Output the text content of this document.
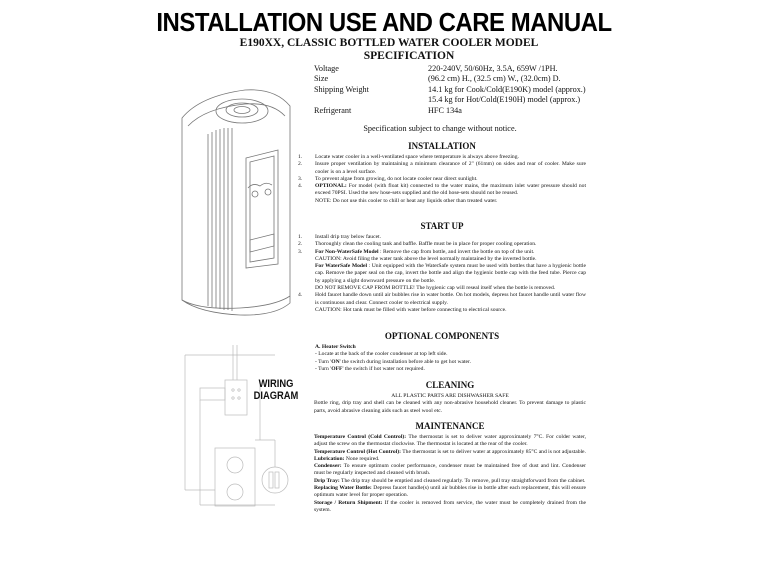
INSTALLATION USE AND CARE MANUAL
E190XX, CLASSIC BOTTLED WATER COOLER MODEL
SPECIFICATION
Voltage	220-240V, 50/60Hz, 3.5A, 659W /1PH.
Size	(96.2 cm) H., (32.5 cm) W., (32.0cm) D.
Shipping Weight	14.1 kg for Cook/Cold(E190K) model (approx.)
15.4 kg for Hot/Cold(E190H) model (approx.)
Refrigerant	HFC 134a
Specification subject to change without notice.
WIRING
DIAGRAM
INSTALLATION
1.	Locate water cooler in a well-ventilated space where temperature is always above freezing.
2.	Insure proper ventilation by maintaining a minimum clearance of 2" (61mm) on sides and rear of cooler. Make sure cooler is on a level surface.
3.	To prevent algae from growing, do not locate cooler near direct sunlight.
4.	OPTIONAL: For model (with float kit) connected to the water mains, the maximum inlet water pressure should not exceed 70PSI. Used the new hose-sets supplied and the old hose-sets should not be reused.
NOTE: Do not use this cooler to chill or heat any liquids other than treated water.
START UP
1.	Install drip tray below faucet.
2.	Thoroughly clean the cooling tank and baffle. Baffle must be in place for proper cooling operation.
3.	For Non-WaterSafe Model : Remove the cap from bottle, and invert the bottle on top of the unit.
CAUTION: Avoid filing the water tank above the level normally maintained by the inverted bottle.
For WaterSafe Model : Unit equipped with the WaterSafe system must be used with bottles that have a hygienic bottle cap. Remove the paper seal on the cap, invert the bottle and align the hygienic bottle cap with the feed tube. Pierce cap by applying a slight downward pressure on the bottle.
DO NOT REMOVE CAP FROM BOTTLE! The hygienic cap will reseal itself when the bottle is removed.
4.	Hold faucet handle down until air bubbles rise in water bottle. On hot models, depress hot faucet handle until water flow is continuous and clear. Connect cooler to electrical supply.
CAUTION: Hot tank must be filled with water before connecting to electrical source.
OPTIONAL COMPONENTS
A. Heater Switch
- Locate at the back of the cooler condenser at top left side.
- Turn 'ON' the switch during installation before able to get hot water.
- Turn 'OFF' the switch if hot water not required.
CLEANING
ALL PLASTIC PARTS ARE DISHWASHER SAFE
Bottle ring, drip tray and shell can be cleaned with any non-abrasive household cleaner. To prevent damage to plastic parts, avoid abrasive cleaning aids such as steel wool etc.
MAINTENANCE
Temperature Control (Cold Control): The thermostat is set to deliver water approximately 7°C. For colder water, adjust the screw on the thermostat clockwise. The thermostat is located at the rear of the cooler.
Temperature Control (Hot Control): The thermostat is set to deliver water at approximately 85°C and is not adjustable.
Lubrication: None required.
Condenser: To ensure optimum cooler performance, condenser must be maintained free of dust and lint. Condenser must be regularly inspected and cleaned with brush.
Drip Tray: The drip tray should be emptied and cleaned regularly. To remove, pull tray straightforward from the cabinet.
Replacing Water Bottle: Depress faucet handle(s) until air bubbles rise in bottle after each replacement, this will ensure optimum water level for proper operation.
Storage / Return Shipment: If the cooler is removed from service, the water must be completely drained from the system.
